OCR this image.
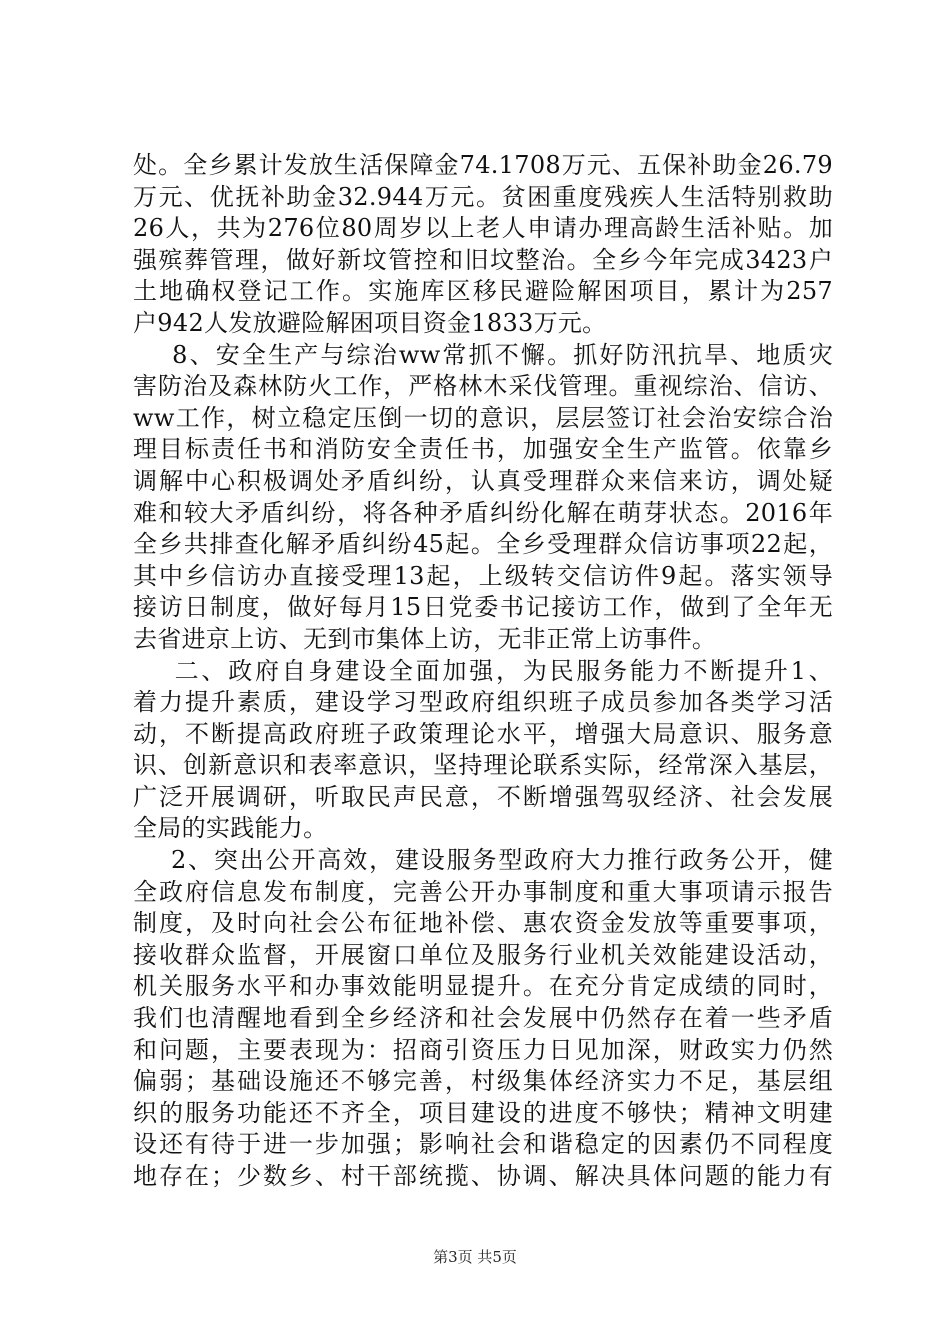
处。全乡累计发放生活保障金74.1708万元、五保补助金26.79
万元、优抚补助金32.944万元。贫困重度残疾人生活特别救助
26人，共为276位80周岁以上老人申请办理高龄生活补贴。加
强殡葬管理，做好新坟管控和旧坟整治。全乡今年完成3423户
土地确权登记工作。实施库区移民避险解困项目，累计为257
户942人发放避险解困项目资金1833万元。
8、安全生产与综治ww常抓不懈。抓好防汛抗旱、地质灾
害防治及森林防火工作，严格林木采伐管理。重视综治、信访、
ww工作，树立稳定压倒一切的意识，层层签订社会治安综合治
理目标责任书和消防安全责任书，加强安全生产监管。依靠乡
调解中心积极调处矛盾纠纷，认真受理群众来信来访，调处疑
难和较大矛盾纠纷，将各种矛盾纠纷化解在萌芽状态。2016年
全乡共排查化解矛盾纠纷45起。全乡受理群众信访事项22起，
其中乡信访办直接受理13起，上级转交信访件9起。落实领导
接访日制度，做好每月15日党委书记接访工作，做到了全年无
去省进京上访、无到市集体上访，无非正常上访事件。
二、政府自身建设全面加强，为民服务能力不断提升1、
着力提升素质，建设学习型政府组织班子成员参加各类学习活
动，不断提高政府班子政策理论水平，增强大局意识、服务意
识、创新意识和表率意识，坚持理论联系实际，经常深入基层，
广泛开展调研，听取民声民意，不断增强驾驭经济、社会发展
全局的实践能力。
2、突出公开高效，建设服务型政府大力推行政务公开，健
全政府信息发布制度，完善公开办事制度和重大事项请示报告
制度，及时向社会公布征地补偿、惠农资金发放等重要事项，
接收群众监督，开展窗口单位及服务行业机关效能建设活动，
机关服务水平和办事效能明显提升。在充分肯定成绩的同时，
我们也清醒地看到全乡经济和社会发展中仍然存在着一些矛盾
和问题，主要表现为：招商引资压力日见加深，财政实力仍然
偏弱；基础设施还不够完善，村级集体经济实力不足，基层组
织的服务功能还不齐全，项目建设的进度不够快；精神文明建
设还有待于进一步加强；影响社会和谐稳定的因素仍不同程度
地存在；少数乡、村干部统揽、协调、解决具体问题的能力有
第3页 共5页
